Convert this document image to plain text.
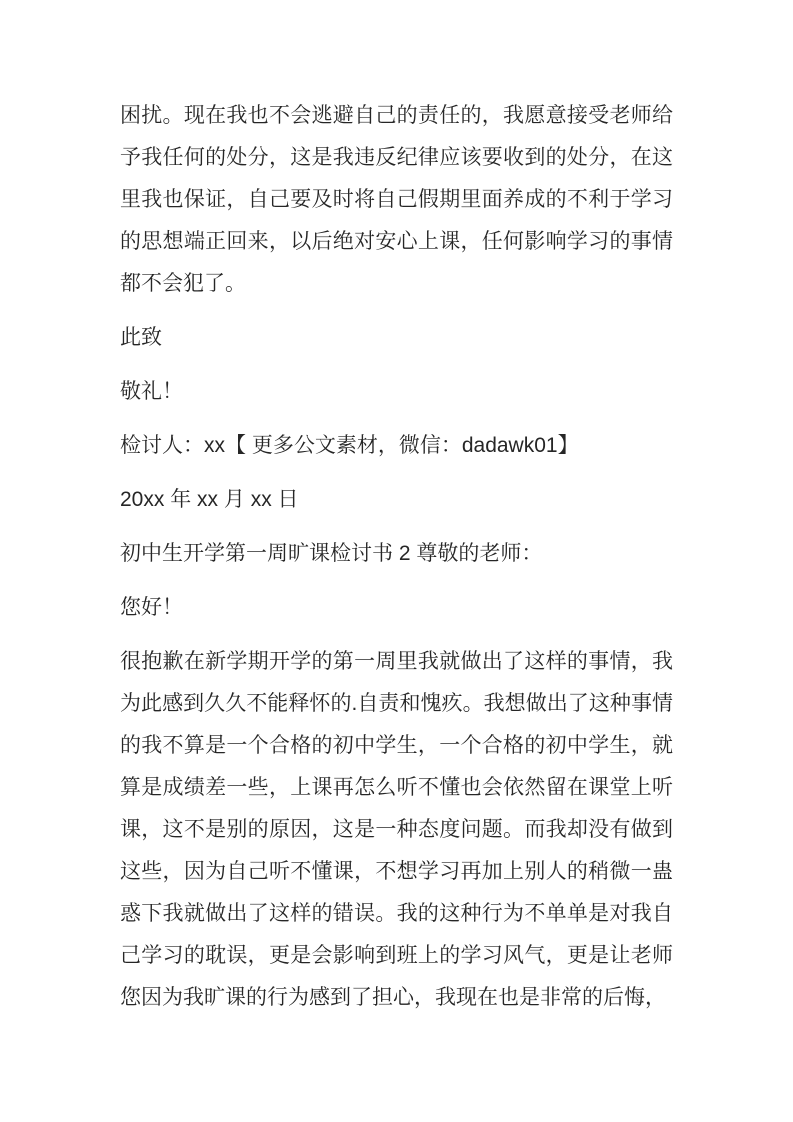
困扰。现在我也不会逃避自己的责任的，我愿意接受老师给予我任何的处分，这是我违反纪律应该要收到的处分，在这里我也保证，自己要及时将自己假期里面养成的不利于学习的思想端正回来，以后绝对安心上课，任何影响学习的事情都不会犯了。

此致

敬礼！

检讨人：xx【 更多公文素材，微信：dadawk01】

20xx 年 xx 月 xx 日

初中生开学第一周旷课检讨书 2 尊敬的老师：

您好！

很抱歉在新学期开学的第一周里我就做出了这样的事情，我为此感到久久不能释怀的.自责和愧疚。我想做出了这种事情的我不算是一个合格的初中学生，一个合格的初中学生，就算是成绩差一些，上课再怎么听不懂也会依然留在课堂上听课，这不是别的原因，这是一种态度问题。而我却没有做到这些，因为自己听不懂课，不想学习再加上别人的稍微一蛊惑下我就做出了这样的错误。我的这种行为不单单是对我自己学习的耽误，更是会影响到班上的学习风气，更是让老师您因为我旷课的行为感到了担心，我现在也是非常的后悔，
